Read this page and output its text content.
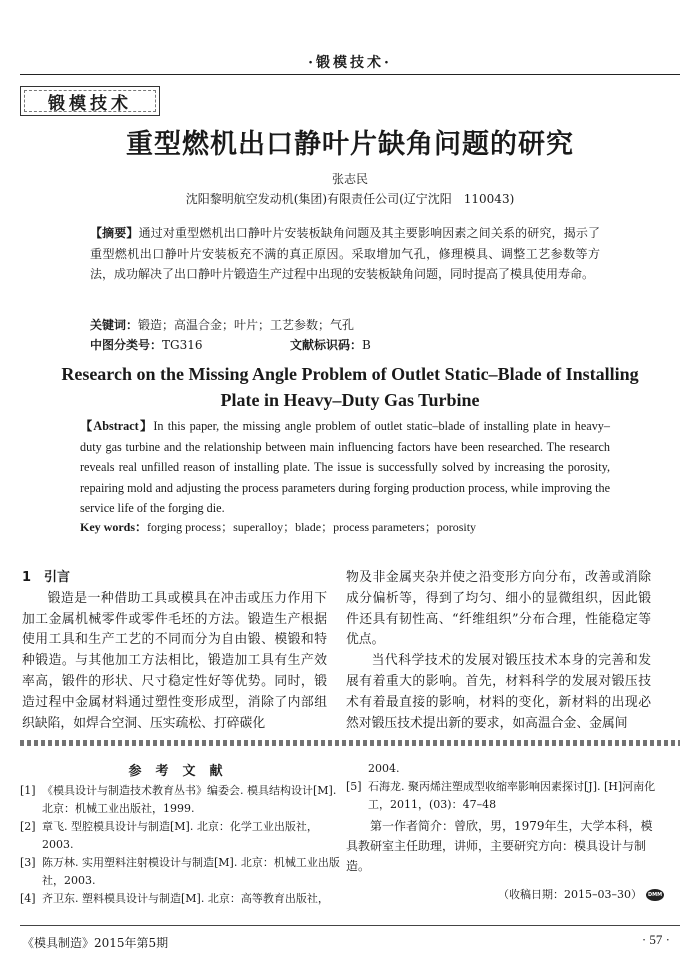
·锻模技术·
锻模技术
重型燃机出口静叶片缺角问题的研究
张志民
沈阳黎明航空发动机(集团)有限责任公司(辽宁沈阳　110043)
【摘要】通过对重型燃机出口静叶片安装板缺角问题及其主要影响因素之间关系的研究，揭示了重型燃机出口静叶片安装板充不满的真正原因。采取增加气孔，修理模具、调整工艺参数等方法，成功解决了出口静叶片锻造生产过程中出现的安装板缺角问题，同时提高了模具使用寿命。
关键词：锻造；高温合金；叶片；工艺参数；气孔
中图分类号：TG316	文献标识码：B
Research on the Missing Angle Problem of Outlet Static–Blade of Installing Plate in Heavy–Duty Gas Turbine
【Abstract】In this paper, the missing angle problem of outlet static–blade of installing plate in heavy–duty gas turbine and the relationship between main influencing factors have been researched. The research reveals real unfilled reason of installing plate. The issue is successfully solved by increasing the porosity, repairing mold and adjusting the process parameters during forging production process, while improving the service life of the forging die.
Key words：forging process；superalloy；blade；process parameters；porosity
1　引言

锻造是一种借助工具或模具在冲击或压力作用下加工金属机械零件或零件毛坯的方法。锻造生产根据使用工具和生产工艺的不同而分为自由锻、模锻和特种锻造。与其他加工方法相比，锻造加工具有生产效率高，锻件的形状、尺寸稳定性好等优势。同时，锻造过程中金属材料通过塑性变形成型，消除了内部组织缺陷，如焊合空洞、压实疏松、打碎碳化

物及非金属夹杂并使之沿变形方向分布，改善或消除成分偏析等，得到了均匀、细小的显微组织，因此锻件还具有韧性高、“纤维组织”分布合理，性能稳定等优点。

当代科学技术的发展对锻压技术本身的完善和发展有着重大的影响。首先，材料科学的发展对锻压技术有着最直接的影响，材料的变化，新材料的出现必然对锻压技术提出新的要求，如高温合金、金属间

参考文献
[1] 《模具设计与制造技术教育丛书》编委会. 模具结构设计[M]. 北京：机械工业出版社，1999.
[2] 章飞. 型腔模具设计与制造[M]. 北京：化学工业出版社，2003.
[3] 陈万林. 实用塑料注射模设计与制造[M]. 北京：机械工业出版社，2003.
[4] 齐卫东. 塑料模具设计与制造[M]. 北京：高等教育出版社，
2004.
[5] 石海龙. 聚丙烯注塑成型收缩率影响因素探讨[J]. [H]河南化工，2011，(03)：47–48
第一作者简介：曾欣，男，1979年生，大学本科，模具教研室主任助理，讲师，主要研究方向：模具设计与制造。
（收稿日期：2015–03–30）	DMM
《模具制造》2015年第5期	· 57 ·
